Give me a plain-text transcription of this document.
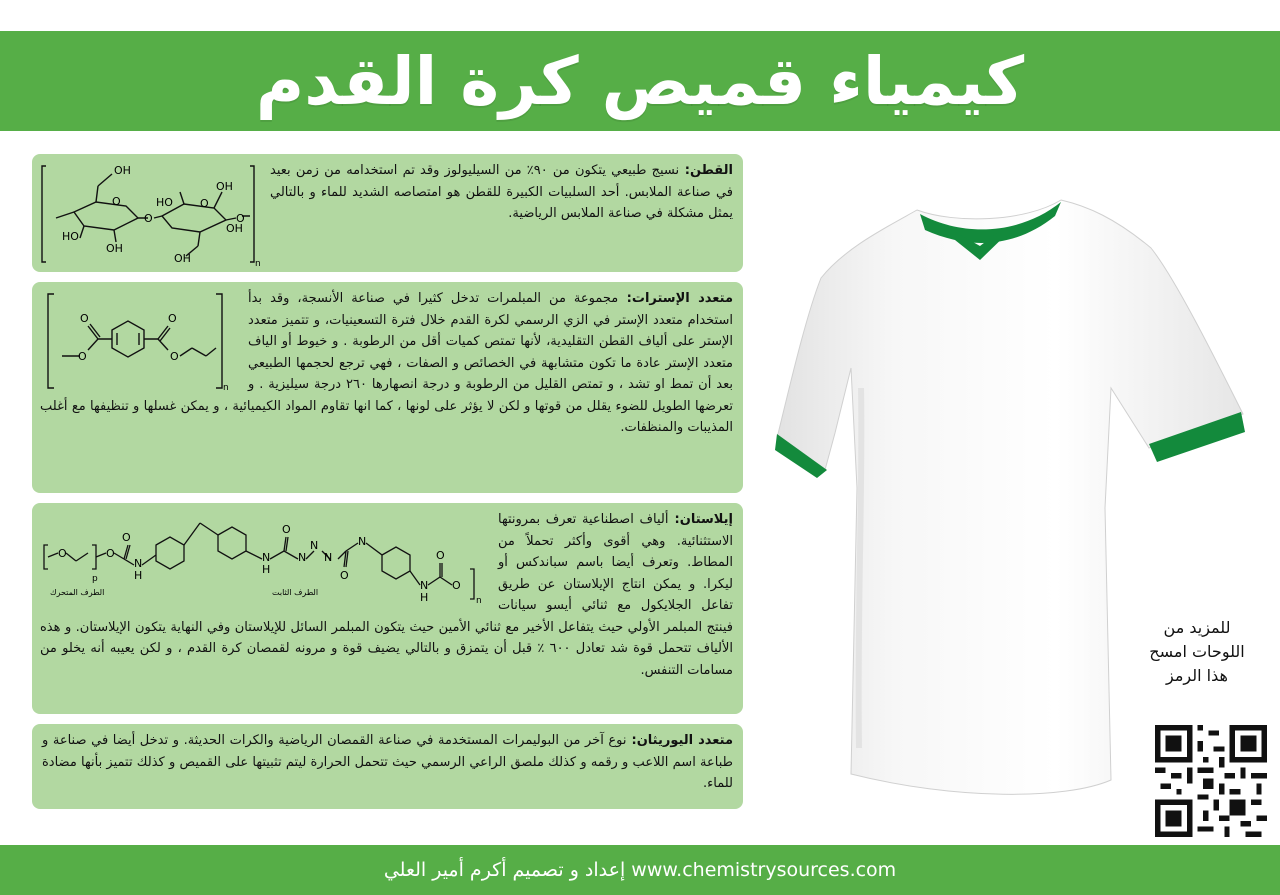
كيمياء قميص كرة القدم
OH
O
O
HO
OH
HO
OH
O
OH
O
OH	n

القطن: نسيج طبيعي يتكون من ٩٠٪ من السيليولوز وقد تم استخدامه من زمن بعيد في صناعة الملابس. أحد السلبيات الكبيرة للقطن هو امتصاصه الشديد للماء و بالتالي يمثل مشكلة في صناعة الملابس الرياضية.

O
O
O
O
n

متعدد الإسترات: مجموعة من المبلمرات تدخل كثيرا في صناعة الأنسجة، وقد بدأ استخدام متعدد الإستر في الزي الرسمي لكرة القدم خلال فترة التسعينيات، و تتميز متعدد الإستر على ألياف القطن التقليدية، لأنها تمتص كميات أقل من الرطوبة . و خيوط أو الياف متعدد الإستر عادة ما تكون متشابهة في الخصائص و الصفات ، فهي ترجع لحجمها الطبيعي بعد أن تمط او تشد ، و تمتص القليل من الرطوبة و درجة انصهارها ٢٦٠ درجة سيليزية . و تعرضها الطويل للضوء يقلل من قوتها و لكن لا يؤثر على لونها ، كما انها تقاوم المواد الكيميائية ، و يمكن غسلها و تنظيفها مع أغلب المذيبات والمنظفات.

O	O
O
p
N
H
N
H
O
N
N
N
O
N
N
H
O
O
n
الطرف المتحرك	الطرف الثابت

إيلاستان: ألياف اصطناعية تعرف بمرونتها الاستثنائية. وهي أقوى وأكثر تحملاً من المطاط. وتعرف أيضا باسم سباندكس أو ليكرا. و يمكن انتاج الإيلاستان عن طريق تفاعل الجلايكول مع ثنائي أيسو سيانات فينتج المبلمر الأولي حيث يتفاعل الأخير مع ثنائي الأمين حيث يتكون المبلمر السائل للإيلاستان وفي النهاية يتكون الإيلاستان. و هذه الألياف تتحمل قوة شد تعادل ٦٠٠ ٪ قبل أن يتمزق و بالتالي يضيف قوة و مرونه لقمصان كرة القدم ، و لكن يعيبه أنه يخلو من مسامات التنفس.

متعدد اليوريثان: نوع آخر من البوليمرات المستخدمة في صناعة القمصان الرياضية والكرات الحديثة. و تدخل أيضا في صناعة و طباعة اسم اللاعب و رقمه و كذلك ملصق الراعي الرسمي حيث تتحمل الحرارة ليتم تثبيتها على القميص و كذلك تتميز بأنها مضادة للماء.

للمزيد من اللوحات امسح هذا الرمز
إعداد و تصميم أكرم أمير العلي www.chemistrysources.com
